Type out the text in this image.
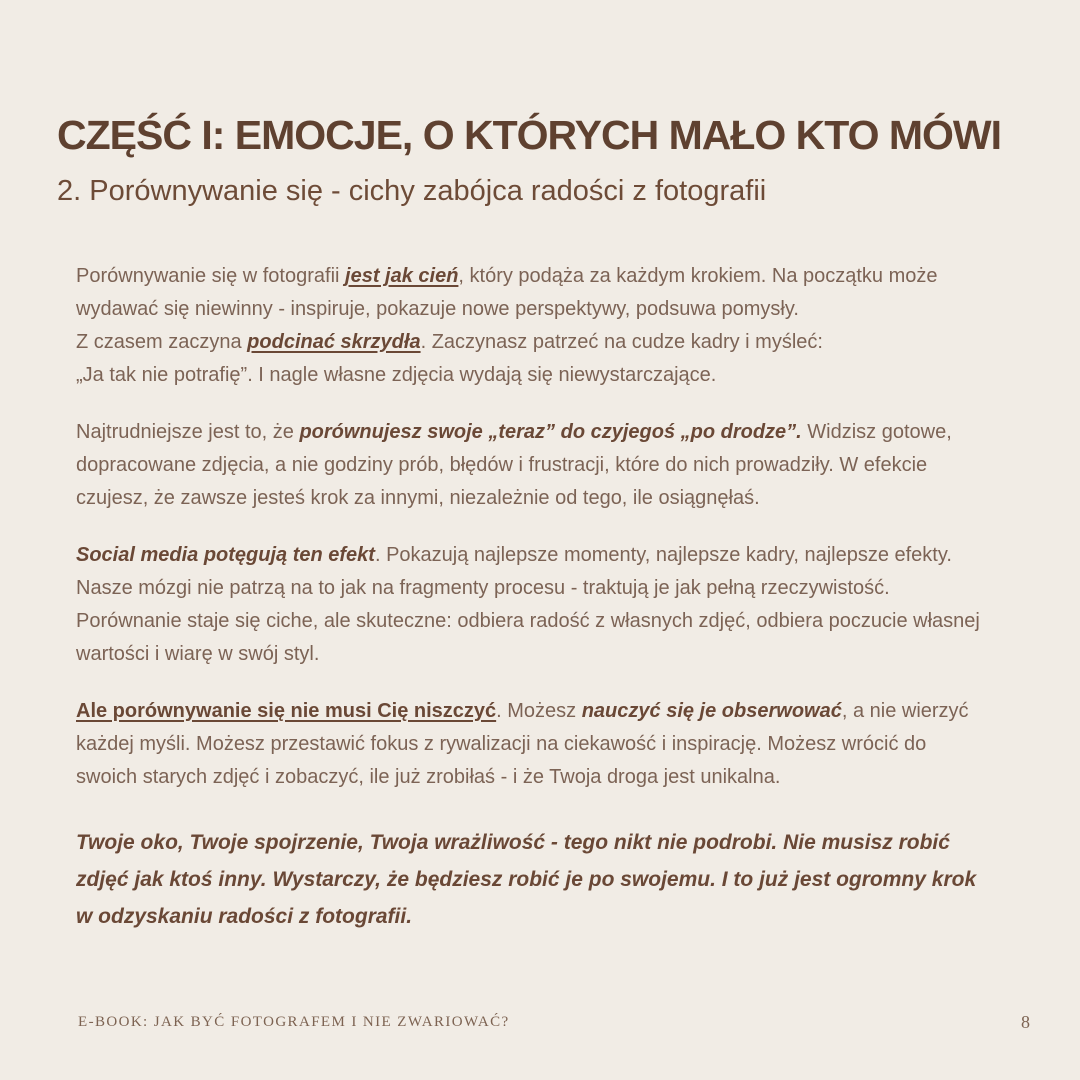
CZĘŚĆ I: EMOCJE, O KTÓRYCH MAŁO KTO MÓWI
2. Porównywanie się - cichy zabójca radości z fotografii

Porównywanie się w fotografii jest jak cień, który podąża za każdym krokiem. Na początku może wydawać się niewinny - inspiruje, pokazuje nowe perspektywy, podsuwa pomysły.
Z czasem zaczyna podcinać skrzydła. Zaczynasz patrzeć na cudze kadry i myśleć:
„Ja tak nie potrafię”. I nagle własne zdjęcia wydają się niewystarczające.

Najtrudniejsze jest to, że porównujesz swoje „teraz” do czyjegoś „po drodze”. Widzisz gotowe, dopracowane zdjęcia, a nie godziny prób, błędów i frustracji, które do nich prowadziły. W efekcie czujesz, że zawsze jesteś krok za innymi, niezależnie od tego, ile osiągnęłaś.

Social media potęgują ten efekt. Pokazują najlepsze momenty, najlepsze kadry, najlepsze efekty. Nasze mózgi nie patrzą na to jak na fragmenty procesu - traktują je jak pełną rzeczywistość. Porównanie staje się ciche, ale skuteczne: odbiera radość z własnych zdjęć, odbiera poczucie własnej wartości i wiarę w swój styl.

Ale porównywanie się nie musi Cię niszczyć. Możesz nauczyć się je obserwować, a nie wierzyć każdej myśli. Możesz przestawić fokus z rywalizacji na ciekawość i inspirację. Możesz wrócić do swoich starych zdjęć i zobaczyć, ile już zrobiłaś - i że Twoja droga jest unikalna.

Twoje oko, Twoje spojrzenie, Twoja wrażliwość - tego nikt nie podrobi. Nie musisz robić zdjęć jak ktoś inny. Wystarczy, że będziesz robić je po swojemu. I to już jest ogromny krok w odzyskaniu radości z fotografii.

E-BOOK: JAK BYĆ FOTOGRAFEM I NIE ZWARIOWAĆ?	8
